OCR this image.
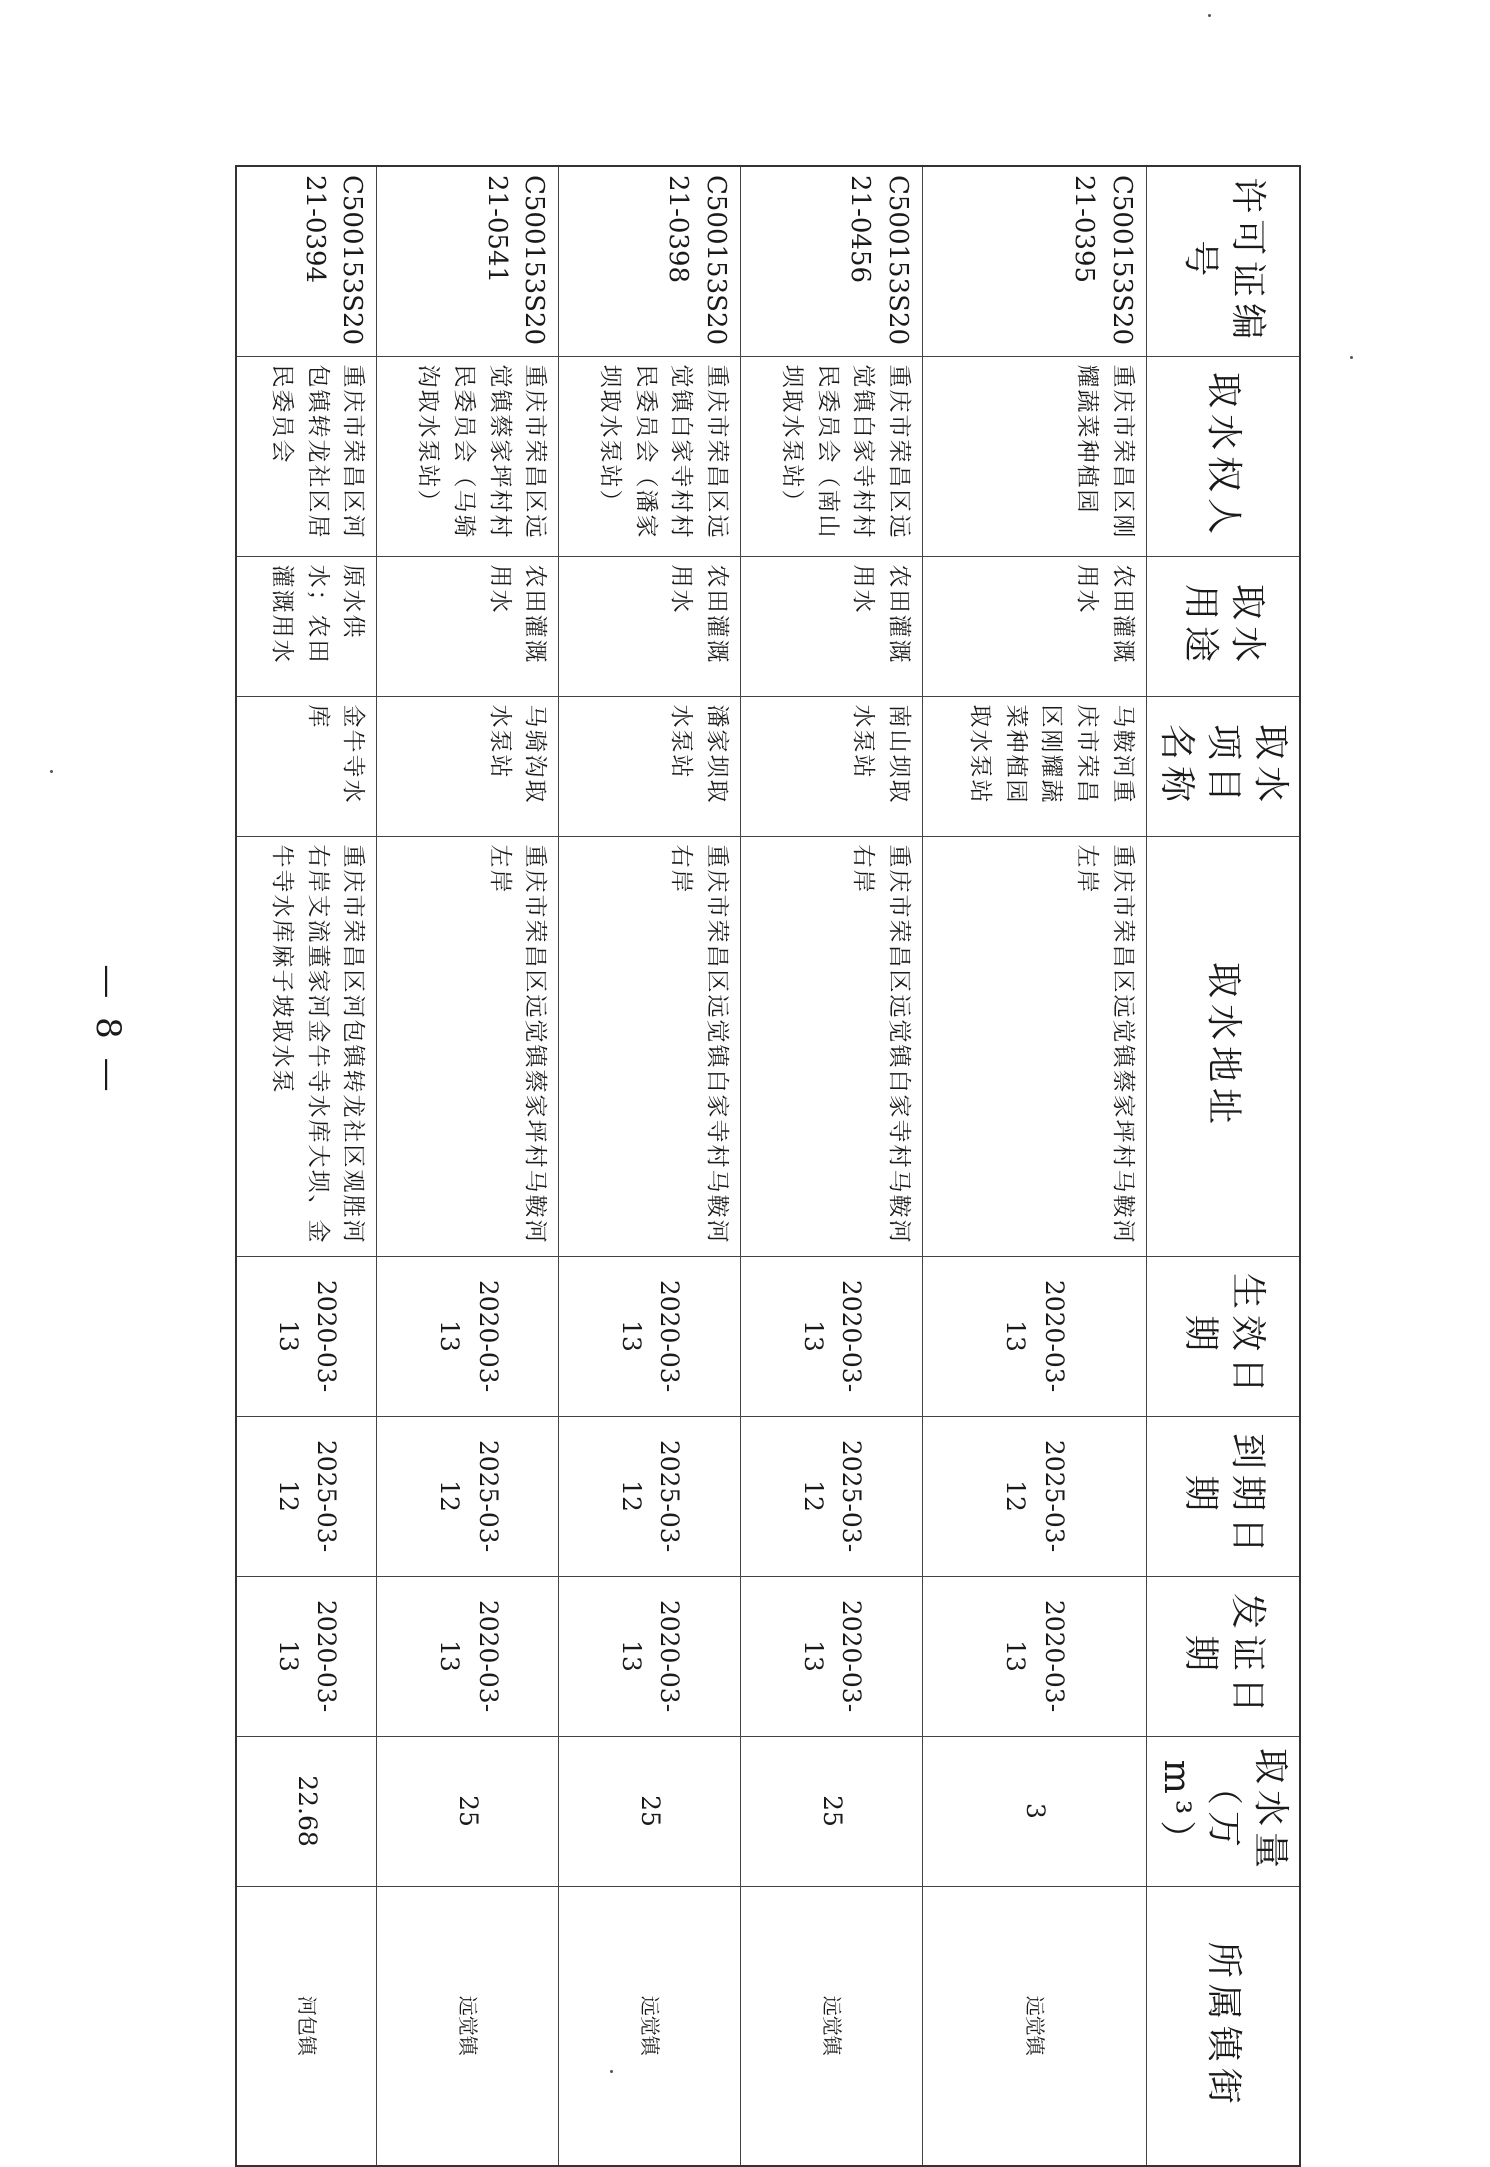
— 8 —
许可证编号	取水权人	取水用途	取水项目名称	取水地址	生效日期	到期日期	发证日期	取水量（万m³）	所属镇街
C500153S2021-0395	重庆市荣昌区刚耀蔬菜种植园	农田灌溉用水	马鞍河重庆市荣昌区刚耀蔬菜种植园取水泵站	重庆市荣昌区远觉镇蔡家坪村马鞍河左岸	2020-03-13	2025-03-12	2020-03-13	3	远觉镇
C500153S2021-0456	重庆市荣昌区远觉镇白家寺村村民委员会（南山坝取水泵站）	农田灌溉用水	南山坝取水泵站	重庆市荣昌区远觉镇白家寺村马鞍河右岸	2020-03-13	2025-03-12	2020-03-13	25	远觉镇
C500153S2021-0398	重庆市荣昌区远觉镇白家寺村村民委员会（潘家坝取水泵站）	农田灌溉用水	潘家坝取水泵站	重庆市荣昌区远觉镇白家寺村马鞍河右岸	2020-03-13	2025-03-12	2020-03-13	25	远觉镇
C500153S2021-0541	重庆市荣昌区远觉镇蔡家坪村村民委员会（马骑沟取水泵站）	农田灌溉用水	马骑沟取水泵站	重庆市荣昌区远觉镇蔡家坪村马鞍河左岸	2020-03-13	2025-03-12	2020-03-13	25	远觉镇
C500153S2021-0394	重庆市荣昌区河包镇转龙社区居民委员会	原水供水；农田灌溉用水	金牛寺水库	重庆市荣昌区河包镇转龙社区观胜河右岸支流董家河金牛寺水库大坝、金牛寺水库麻子坡取水泵	2020-03-13	2025-03-12	2020-03-13	22.68	河包镇
